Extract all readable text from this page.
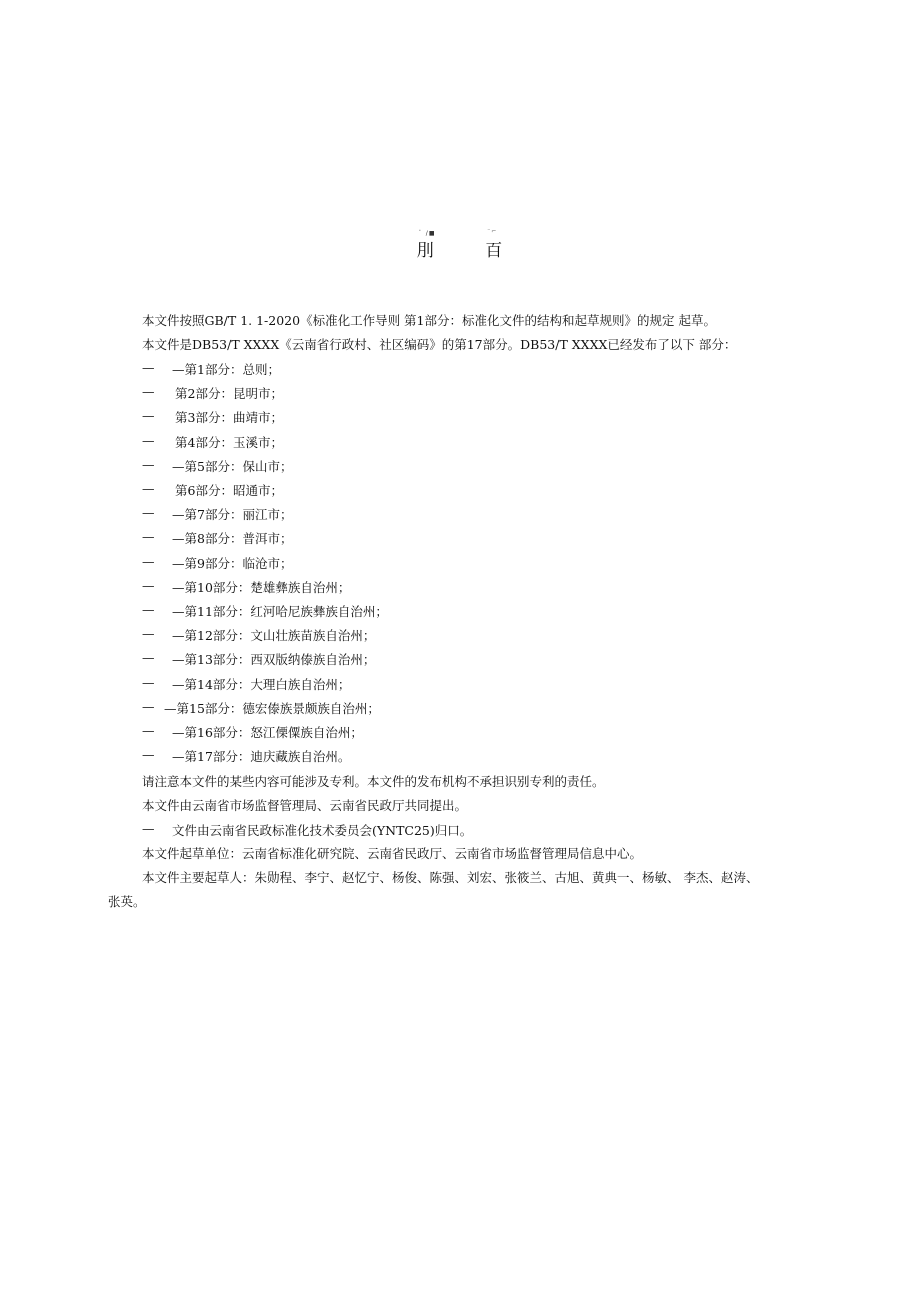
゛/■
刖
⁻⌐
百
本文件按照GB/T 1. 1-2020《标准化工作导则 第1部分：标准化文件的结构和起草规则》的规定 起草。
本文件是DB53∕T XXXX《云南省行政村、社区编码》的第17部分。DB53∕T XXXX已经发布了以下 部分：
— —第1部分：总则；
— 第2部分：昆明市；
— 第3部分：曲靖市；
— 第4部分：玉溪市；
— —第5部分：保山市；
— 第6部分：昭通市；
— —第7部分：丽江市；
— —第8部分：普洱市；
— —第9部分：临沧市；
— —第10部分：楚雄彝族自治州；
— —第11部分：红河哈尼族彝族自治州；
— —第12部分：文山壮族苗族自治州；
— —第13部分：西双版纳傣族自治州；
— —第14部分：大理白族自治州；
— —第15部分：德宏傣族景颇族自治州；
— —第16部分：怒江傈僳族自治州；
— —第17部分：迪庆藏族自治州。
请注意本文件的某些内容可能涉及专利。本文件的发布机构不承担识别专利的责任。
本文件由云南省市场监督管理局、云南省民政厅共同提出。
— 文件由云南省民政标准化技术委员会(YNTC25)归口。
本文件起草单位：云南省标准化研究院、云南省民政厅、云南省市场监督管理局信息中心。
本文件主要起草人：朱勋程、李宁、赵忆宁、杨俊、陈强、刘宏、张筱兰、古旭、黄典一、杨敏、 李杰、赵涛、
张英。
